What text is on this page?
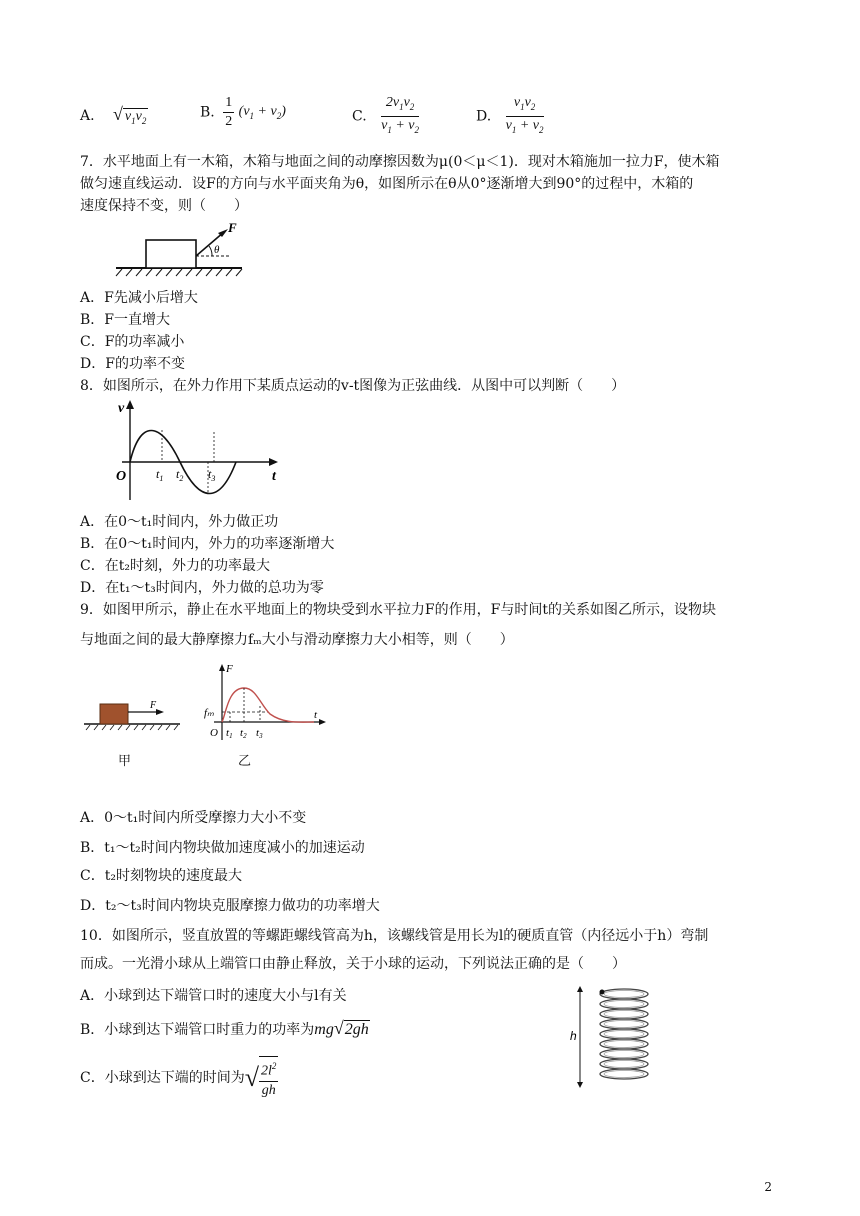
A. √ $v_1v_2$
B. $\frac{1}{2} (v_1 + v_2)$	C. $\frac{2v_1v_2}{v_1 + v_2}$	D. $\frac{v_1v_2}{v_1 + v_2}$
7．水平地面上有一木箱，木箱与地面之间的动摩擦因数为μ(0＜μ＜1)．现对木箱施加一拉力F，使木箱
做匀速直线运动．设F的方向与水平面夹角为θ，如图所示在θ从0°逐渐增大到90°的过程中，木箱的
速度保持不变，则（　　）
F
θ
A．F先减小后增大
B．F一直增大
C．F的功率减小
D．F的功率不变
8．如图所示，在外力作用下某质点运动的v-t图像为正弦曲线．从图中可以判断（　　）
v
t
O $t_1$ $t_2$ $t_3$
A．在0～t₁时间内，外力做正功
B．在0～t₁时间内，外力的功率逐渐增大
C．在t₂时刻，外力的功率最大
D．在t₁～t₃时间内，外力做的总功为零
9．如图甲所示，静止在水平地面上的物块受到水平拉力F的作用，F与时间t的关系如图乙所示，设物块
与地面之间的最大静摩擦力fₘ大小与滑动摩擦力大小相等，则（　　）
F
F
t
fₘ
O t1 t2 t3
甲	乙
A．0～t₁时间内所受摩擦力大小不变
B．t₁～t₂时间内物块做加速度减小的加速运动
C．t₂时刻物块的速度最大
D．t₂～t₃时间内物块克服摩擦力做功的功率增大
10．如图所示，竖直放置的等螺距螺线管高为h，该螺线管是用长为l的硬质直管（内径远小于h）弯制
而成。一光滑小球从上端管口由静止释放，关于小球的运动，下列说法正确的是（　　）
A．小球到达下端管口时的速度大小与l有关
B．小球到达下端管口时重力的功率为mg√2gh
C．小球到达下端的时间为√ $\frac{2l^2}{gh}$
h
2
